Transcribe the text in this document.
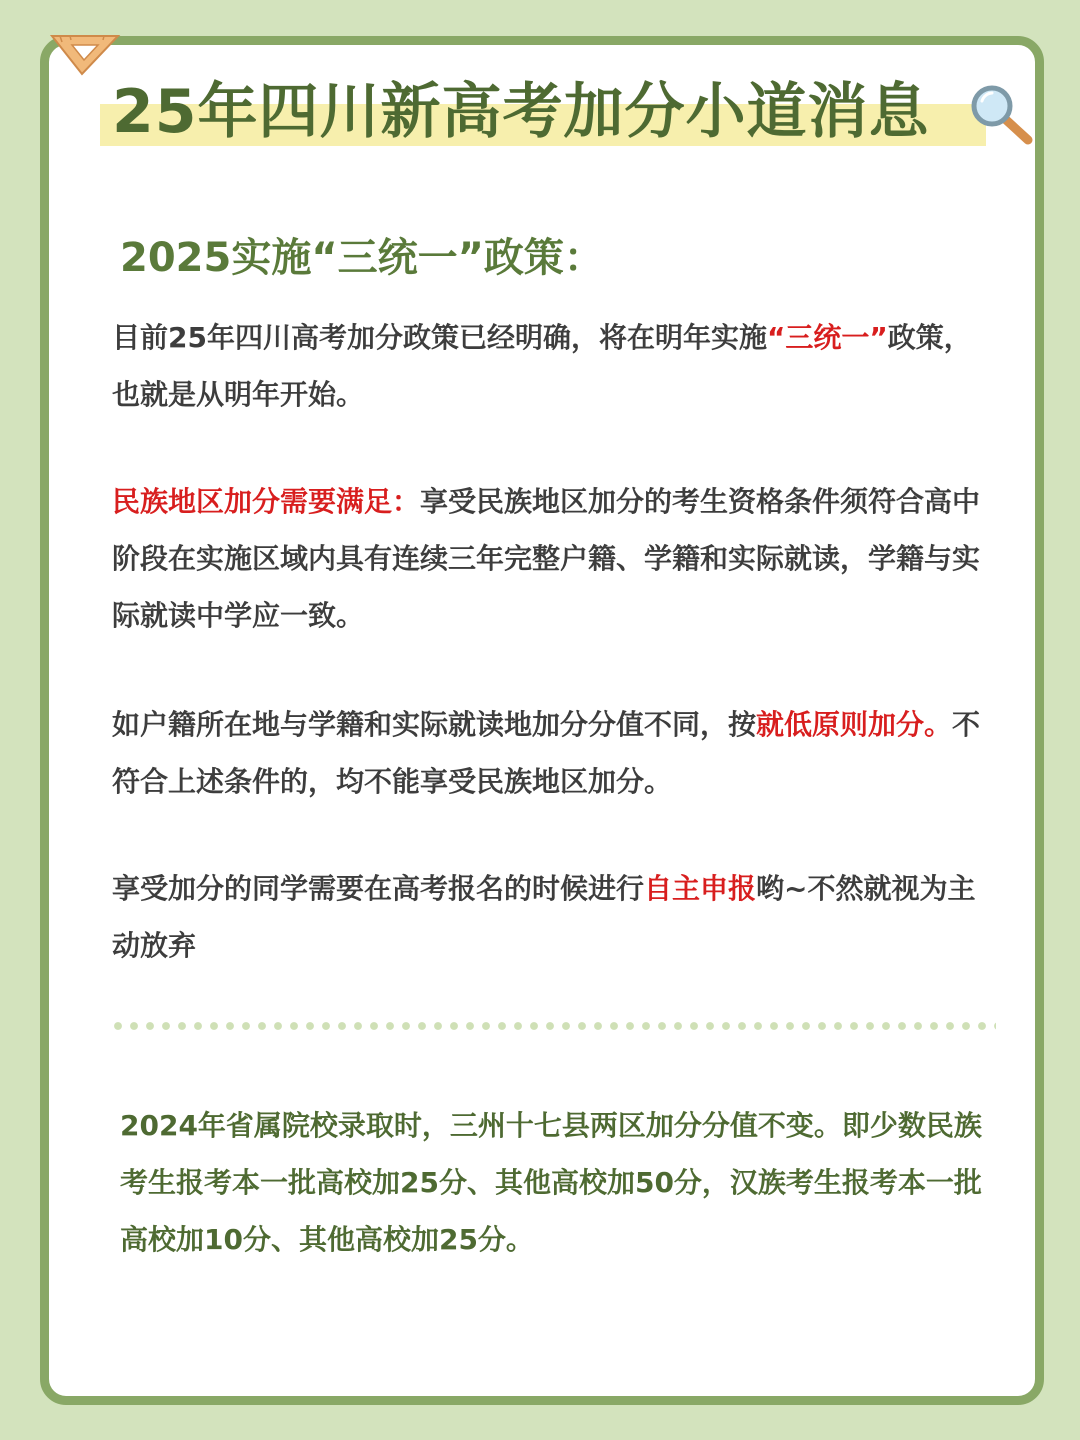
25年四川新高考加分小道消息
2025实施“三统一”政策：
目前25年四川高考加分政策已经明确，将在明年实施“三统一”政策，也就是从明年开始。
民族地区加分需要满足：享受民族地区加分的考生资格条件须符合高中阶段在实施区域内具有连续三年完整户籍、学籍和实际就读，学籍与实际就读中学应一致。
如户籍所在地与学籍和实际就读地加分分值不同，按就低原则加分。不符合上述条件的，均不能享受民族地区加分。
享受加分的同学需要在高考报名的时候进行自主申报哟~不然就视为主动放弃
2024年省属院校录取时，三州十七县两区加分分值不变。即少数民族考生报考本一批高校加25分、其他高校加50分，汉族考生报考本一批高校加10分、其他高校加25分。
